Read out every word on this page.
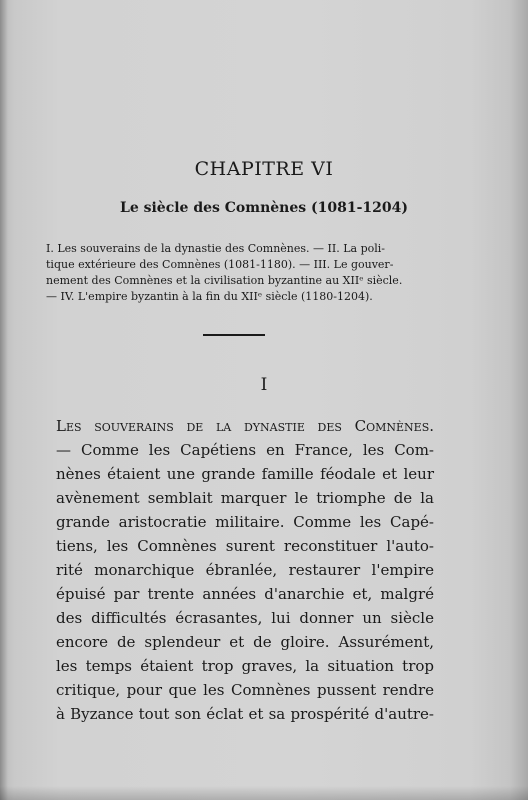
CHAPITRE VI
Le siècle des Comnènes (1081-1204)
I. Les souverains de la dynastie des Comnènes. — II. La poli-
tique extérieure des Comnènes (1081-1180). — III. Le gouver-
nement des Comnènes et la civilisation byzantine au XIIᵉ siècle.
— IV. L'empire byzantin à la fin du XIIᵉ siècle (1180-1204).
I
Les souverains de la dynastie des Comnènes.
— Comme les Capétiens en France, les Com-
nènes étaient une grande famille féodale et leur
avènement semblait marquer le triomphe de la
grande aristocratie militaire. Comme les Capé-
tiens, les Comnènes surent reconstituer l'auto-
rité monarchique ébranlée, restaurer l'empire
épuisé par trente années d'anarchie et, malgré
des difficultés écrasantes, lui donner un siècle
encore de splendeur et de gloire. Assurément,
les temps étaient trop graves, la situation trop
critique, pour que les Comnènes pussent rendre
à Byzance tout son éclat et sa prospérité d'autre-
